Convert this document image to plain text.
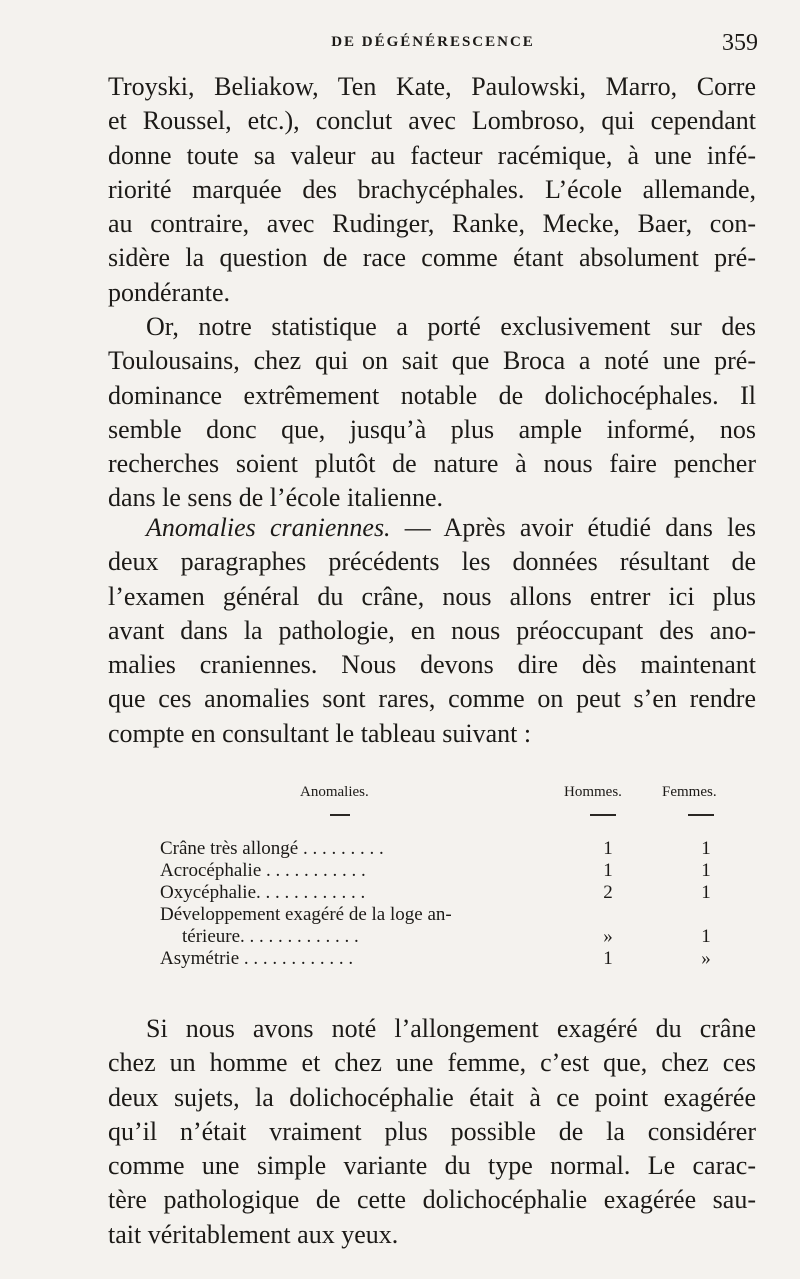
DE DÉGÉNÉRESCENCE	359
Troyski, Beliakow, Ten Kate, Paulowski, Marro, Corre
et Roussel, etc.), conclut avec Lombroso, qui cependant
donne toute sa valeur au facteur racémique, à une infé-
riorité marquée des brachycéphales. L’école allemande,
au contraire, avec Rudinger, Ranke, Mecke, Baer, con-
sidère la question de race comme étant absolument pré-
pondérante.
Or, notre statistique a porté exclusivement sur des
Toulousains, chez qui on sait que Broca a noté une pré-
dominance extrêmement notable de dolichocéphales. Il
semble donc que, jusqu’à plus ample informé, nos
recherches soient plutôt de nature à nous faire pencher
dans le sens de l’école italienne.
Anomalies craniennes. — Après avoir étudié dans les
deux paragraphes précédents les données résultant de
l’examen général du crâne, nous allons entrer ici plus
avant dans la pathologie, en nous préoccupant des ano-
malies craniennes. Nous devons dire dès maintenant
que ces anomalies sont rares, comme on peut s’en rendre
compte en consultant le tableau suivant :
Anomalies.	Hommes.	Femmes.
Crâne très allongé . . . . . . . . .	1	1
Acrocéphalie . . . . . . . . . . .	1	1
Oxycéphalie. . . . . . . . . . . .	2	1
Développement exagéré de la loge an-
térieure. . . . . . . . . . . . .	»	1
Asymétrie . . . . . . . . . . . .	1	»
Si nous avons noté l’allongement exagéré du crâne
chez un homme et chez une femme, c’est que, chez ces
deux sujets, la dolichocéphalie était à ce point exagérée
qu’il n’était vraiment plus possible de la considérer
comme une simple variante du type normal. Le carac-
tère pathologique de cette dolichocéphalie exagérée sau-
tait véritablement aux yeux.
